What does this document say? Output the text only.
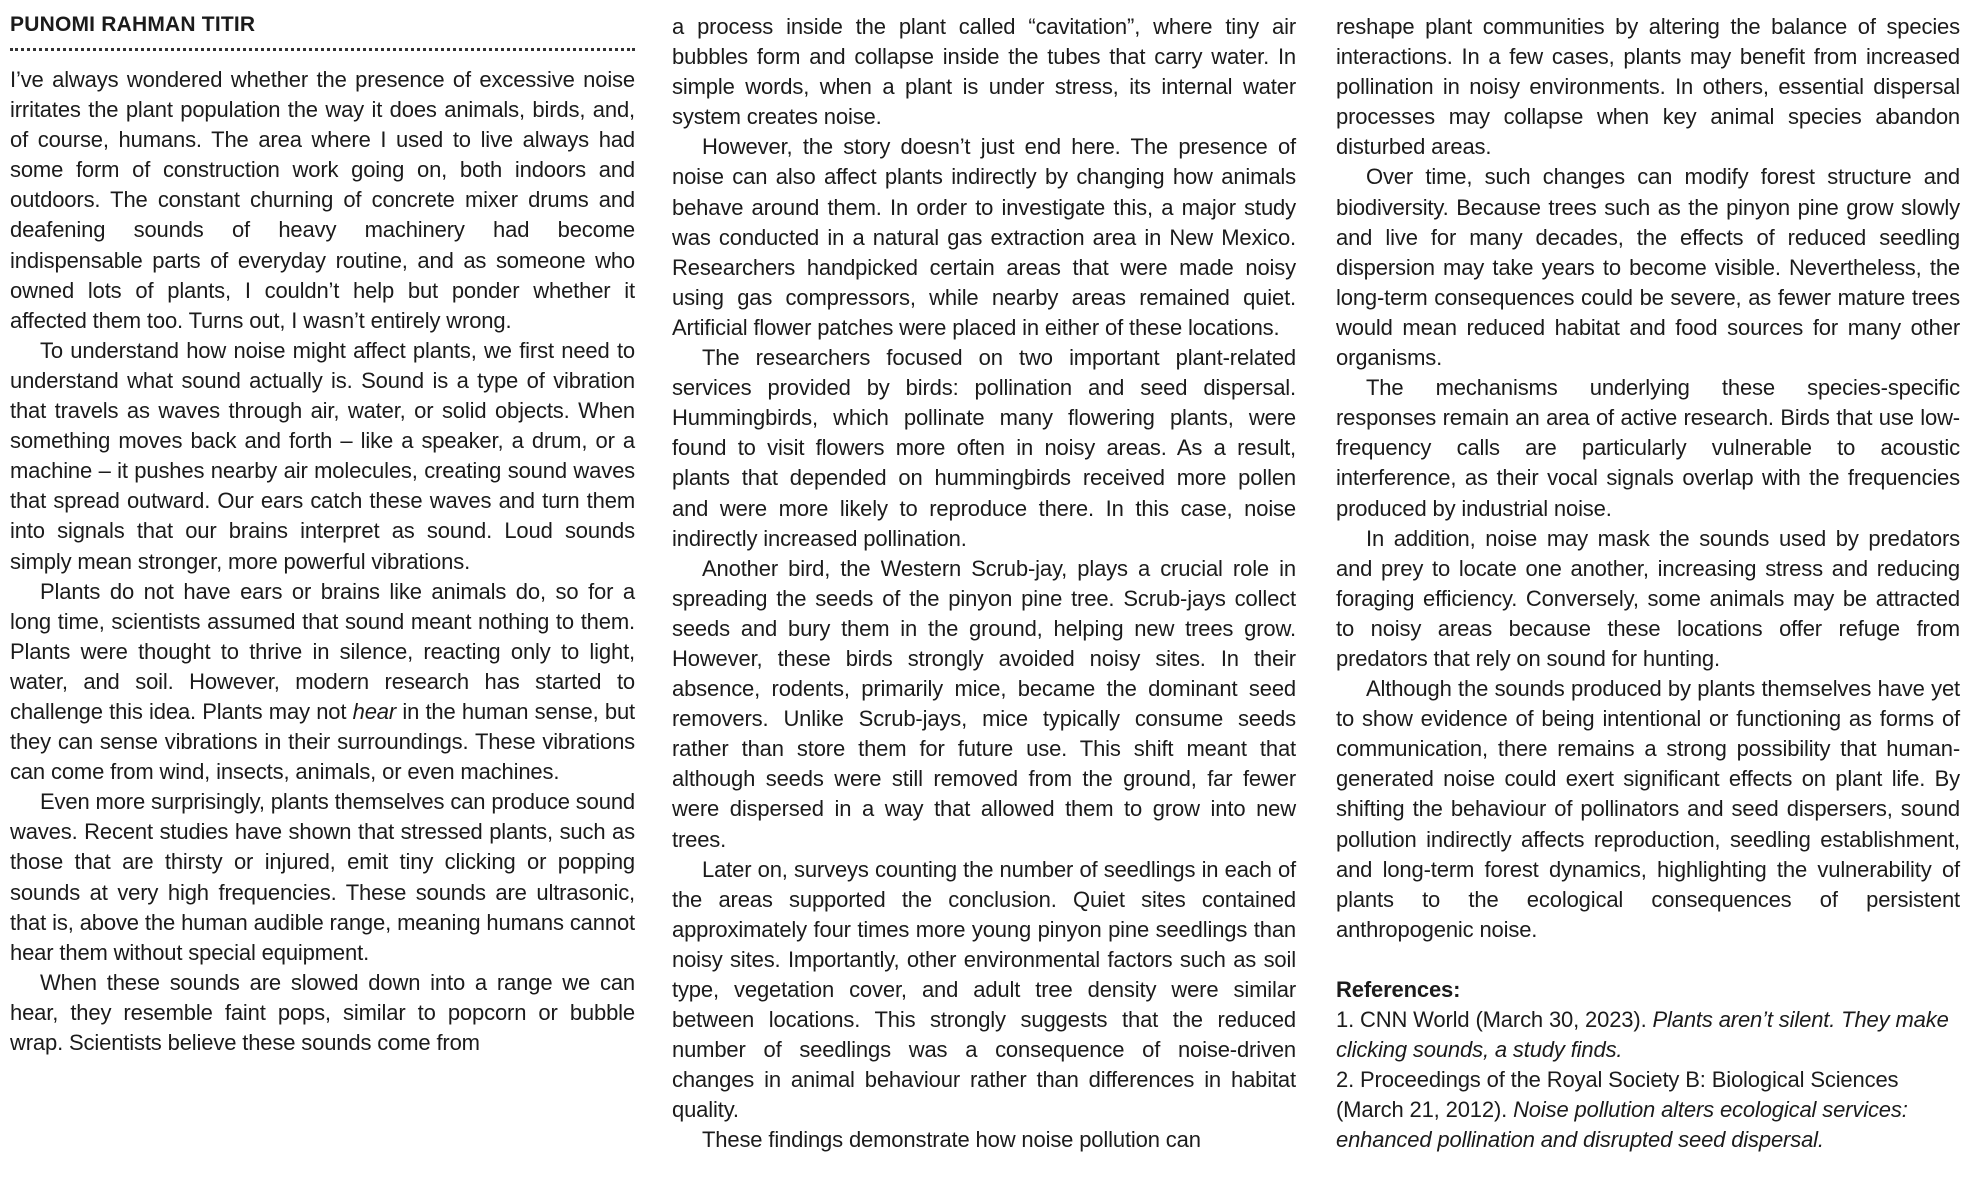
PUNOMI RAHMAN TITIR

I’ve always wondered whether the presence of excessive noise irritates the plant population the way it does animals, birds, and, of course, humans. The area where I used to live always had some form of construction work going on, both indoors and outdoors. The constant churning of concrete mixer drums and deafening sounds of heavy machinery had become indispensable parts of everyday routine, and as someone who owned lots of plants, I couldn’t help but ponder whether it affected them too. Turns out, I wasn’t entirely wrong.

To understand how noise might affect plants, we first need to understand what sound actually is. Sound is a type of vibration that travels as waves through air, water, or solid objects. When something moves back and forth – like a speaker, a drum, or a machine – it pushes nearby air molecules, creating sound waves that spread outward. Our ears catch these waves and turn them into signals that our brains interpret as sound. Loud sounds simply mean stronger, more powerful vibrations.

Plants do not have ears or brains like animals do, so for a long time, scientists assumed that sound meant nothing to them. Plants were thought to thrive in silence, reacting only to light, water, and soil. However, modern research has started to challenge this idea. Plants may not hear in the human sense, but they can sense vibrations in their surroundings. These vibrations can come from wind, insects, animals, or even machines.

Even more surprisingly, plants themselves can produce sound waves. Recent studies have shown that stressed plants, such as those that are thirsty or injured, emit tiny clicking or popping sounds at very high frequencies. These sounds are ultrasonic, that is, above the human audible range, meaning humans cannot hear them without special equipment.

When these sounds are slowed down into a range we can hear, they resemble faint pops, similar to popcorn or bubble wrap. Scientists believe these sounds come from

a process inside the plant called “cavitation”, where tiny air bubbles form and collapse inside the tubes that carry water. In simple words, when a plant is under stress, its internal water system creates noise.

However, the story doesn’t just end here. The presence of noise can also affect plants indirectly by changing how animals behave around them. In order to investigate this, a major study was conducted in a natural gas extraction area in New Mexico. Researchers handpicked certain areas that were made noisy using gas compressors, while nearby areas remained quiet. Artificial flower patches were placed in either of these locations.

The researchers focused on two important plant-related services provided by birds: pollination and seed dispersal. Hummingbirds, which pollinate many flowering plants, were found to visit flowers more often in noisy areas. As a result, plants that depended on hummingbirds received more pollen and were more likely to reproduce there. In this case, noise indirectly increased pollination.

Another bird, the Western Scrub-jay, plays a crucial role in spreading the seeds of the pinyon pine tree. Scrub-jays collect seeds and bury them in the ground, helping new trees grow. However, these birds strongly avoided noisy sites. In their absence, rodents, primarily mice, became the dominant seed removers. Unlike Scrub-jays, mice typically consume seeds rather than store them for future use. This shift meant that although seeds were still removed from the ground, far fewer were dispersed in a way that allowed them to grow into new trees.

Later on, surveys counting the number of seedlings in each of the areas supported the conclusion. Quiet sites contained approximately four times more young pinyon pine seedlings than noisy sites. Importantly, other environmental factors such as soil type, vegetation cover, and adult tree density were similar between locations. This strongly suggests that the reduced number of seedlings was a consequence of noise-driven changes in animal behaviour rather than differences in habitat quality.

These findings demonstrate how noise pollution can

reshape plant communities by altering the balance of species interactions. In a few cases, plants may benefit from increased pollination in noisy environments. In others, essential dispersal processes may collapse when key animal species abandon disturbed areas.

Over time, such changes can modify forest structure and biodiversity. Because trees such as the pinyon pine grow slowly and live for many decades, the effects of reduced seedling dispersion may take years to become visible. Nevertheless, the long-term consequences could be severe, as fewer mature trees would mean reduced habitat and food sources for many other organisms.

The mechanisms underlying these species-specific responses remain an area of active research. Birds that use low-frequency calls are particularly vulnerable to acoustic interference, as their vocal signals overlap with the frequencies produced by industrial noise.

In addition, noise may mask the sounds used by predators and prey to locate one another, increasing stress and reducing foraging efficiency. Conversely, some animals may be attracted to noisy areas because these locations offer refuge from predators that rely on sound for hunting.

Although the sounds produced by plants themselves have yet to show evidence of being intentional or functioning as forms of communication, there remains a strong possibility that human-generated noise could exert significant effects on plant life. By shifting the behaviour of pollinators and seed dispersers, sound pollution indirectly affects reproduction, seedling establishment, and long-term forest dynamics, highlighting the vulnerability of plants to the ecological consequences of persistent anthropogenic noise.

References:
1. CNN World (March 30, 2023). Plants aren’t silent. They make clicking sounds, a study finds.
2. Proceedings of the Royal Society B: Biological Sciences (March 21, 2012). Noise pollution alters ecological services: enhanced pollination and disrupted seed dispersal.
